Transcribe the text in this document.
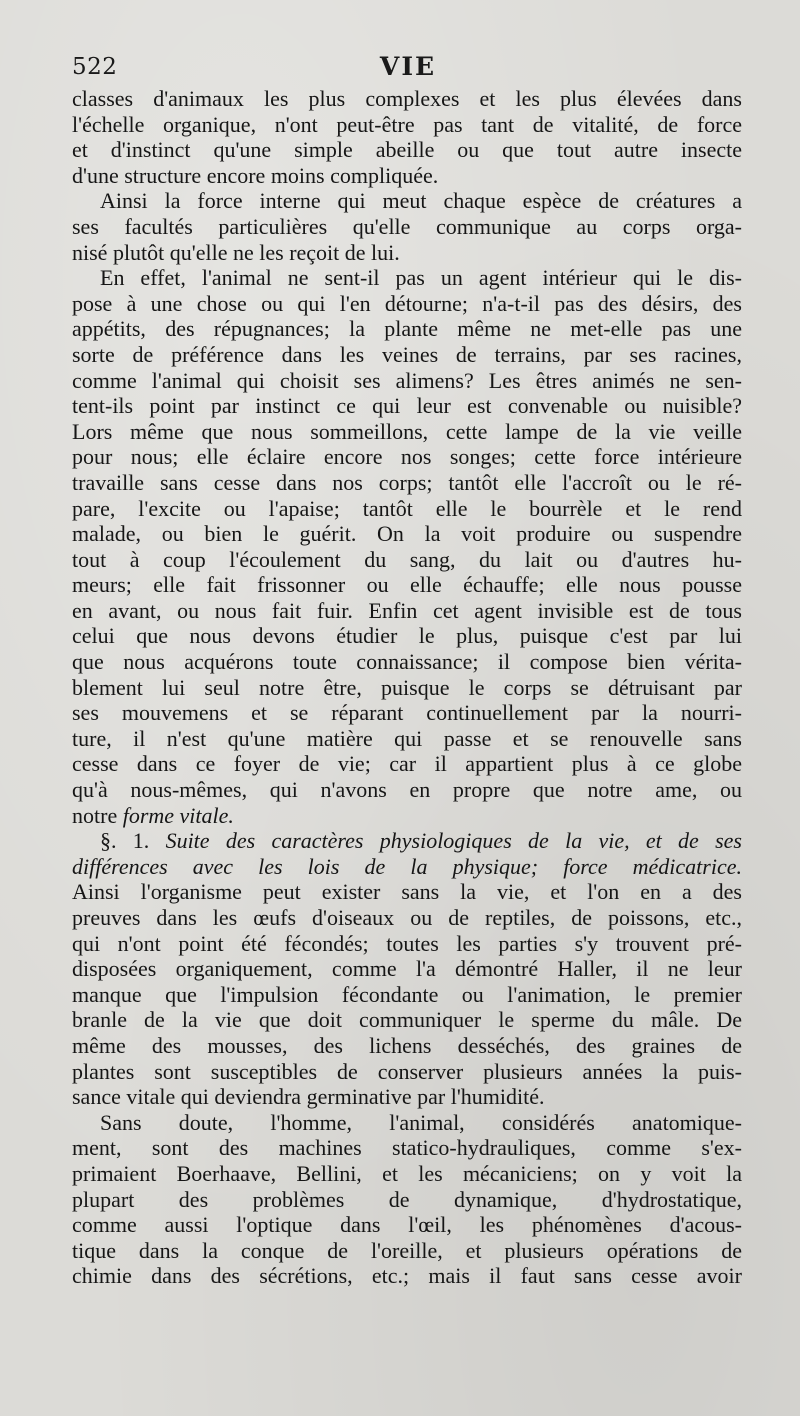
522	VIE
classes d'animaux les plus complexes et les plus élevées dans
l'échelle organique, n'ont peut-être pas tant de vitalité, de force
et d'instinct qu'une simple abeille ou que tout autre insecte
d'une structure encore moins compliquée.
Ainsi la force interne qui meut chaque espèce de créatures a
ses facultés particulières qu'elle communique au corps orga-
nisé plutôt qu'elle ne les reçoit de lui.
En effet, l'animal ne sent-il pas un agent intérieur qui le dis-
pose à une chose ou qui l'en détourne; n'a-t-il pas des désirs, des
appétits, des répugnances; la plante même ne met-elle pas une
sorte de préférence dans les veines de terrains, par ses racines,
comme l'animal qui choisit ses alimens? Les êtres animés ne sen-
tent-ils point par instinct ce qui leur est convenable ou nuisible?
Lors même que nous sommeillons, cette lampe de la vie veille
pour nous; elle éclaire encore nos songes; cette force intérieure
travaille sans cesse dans nos corps; tantôt elle l'accroît ou le ré-
pare, l'excite ou l'apaise; tantôt elle le bourrèle et le rend
malade, ou bien le guérit. On la voit produire ou suspendre
tout à coup l'écoulement du sang, du lait ou d'autres hu-
meurs; elle fait frissonner ou elle échauffe; elle nous pousse
en avant, ou nous fait fuir. Enfin cet agent invisible est de tous
celui que nous devons étudier le plus, puisque c'est par lui
que nous acquérons toute connaissance; il compose bien vérita-
blement lui seul notre être, puisque le corps se détruisant par
ses mouvemens et se réparant continuellement par la nourri-
ture, il n'est qu'une matière qui passe et se renouvelle sans
cesse dans ce foyer de vie; car il appartient plus à ce globe
qu'à nous-mêmes, qui n'avons en propre que notre ame, ou
notre forme vitale.
§. 1. Suite des caractères physiologiques de la vie, et de ses
différences avec les lois de la physique; force médicatrice.
Ainsi l'organisme peut exister sans la vie, et l'on en a des
preuves dans les œufs d'oiseaux ou de reptiles, de poissons, etc.,
qui n'ont point été fécondés; toutes les parties s'y trouvent pré-
disposées organiquement, comme l'a démontré Haller, il ne leur
manque que l'impulsion fécondante ou l'animation, le premier
branle de la vie que doit communiquer le sperme du mâle. De
même des mousses, des lichens desséchés, des graines de
plantes sont susceptibles de conserver plusieurs années la puis-
sance vitale qui deviendra germinative par l'humidité.
Sans doute, l'homme, l'animal, considérés anatomique-
ment, sont des machines statico-hydrauliques, comme s'ex-
primaient Boerhaave, Bellini, et les mécaniciens; on y voit la
plupart des problèmes de dynamique, d'hydrostatique,
comme aussi l'optique dans l'œil, les phénomènes d'acous-
tique dans la conque de l'oreille, et plusieurs opérations de
chimie dans des sécrétions, etc.; mais il faut sans cesse avoir
